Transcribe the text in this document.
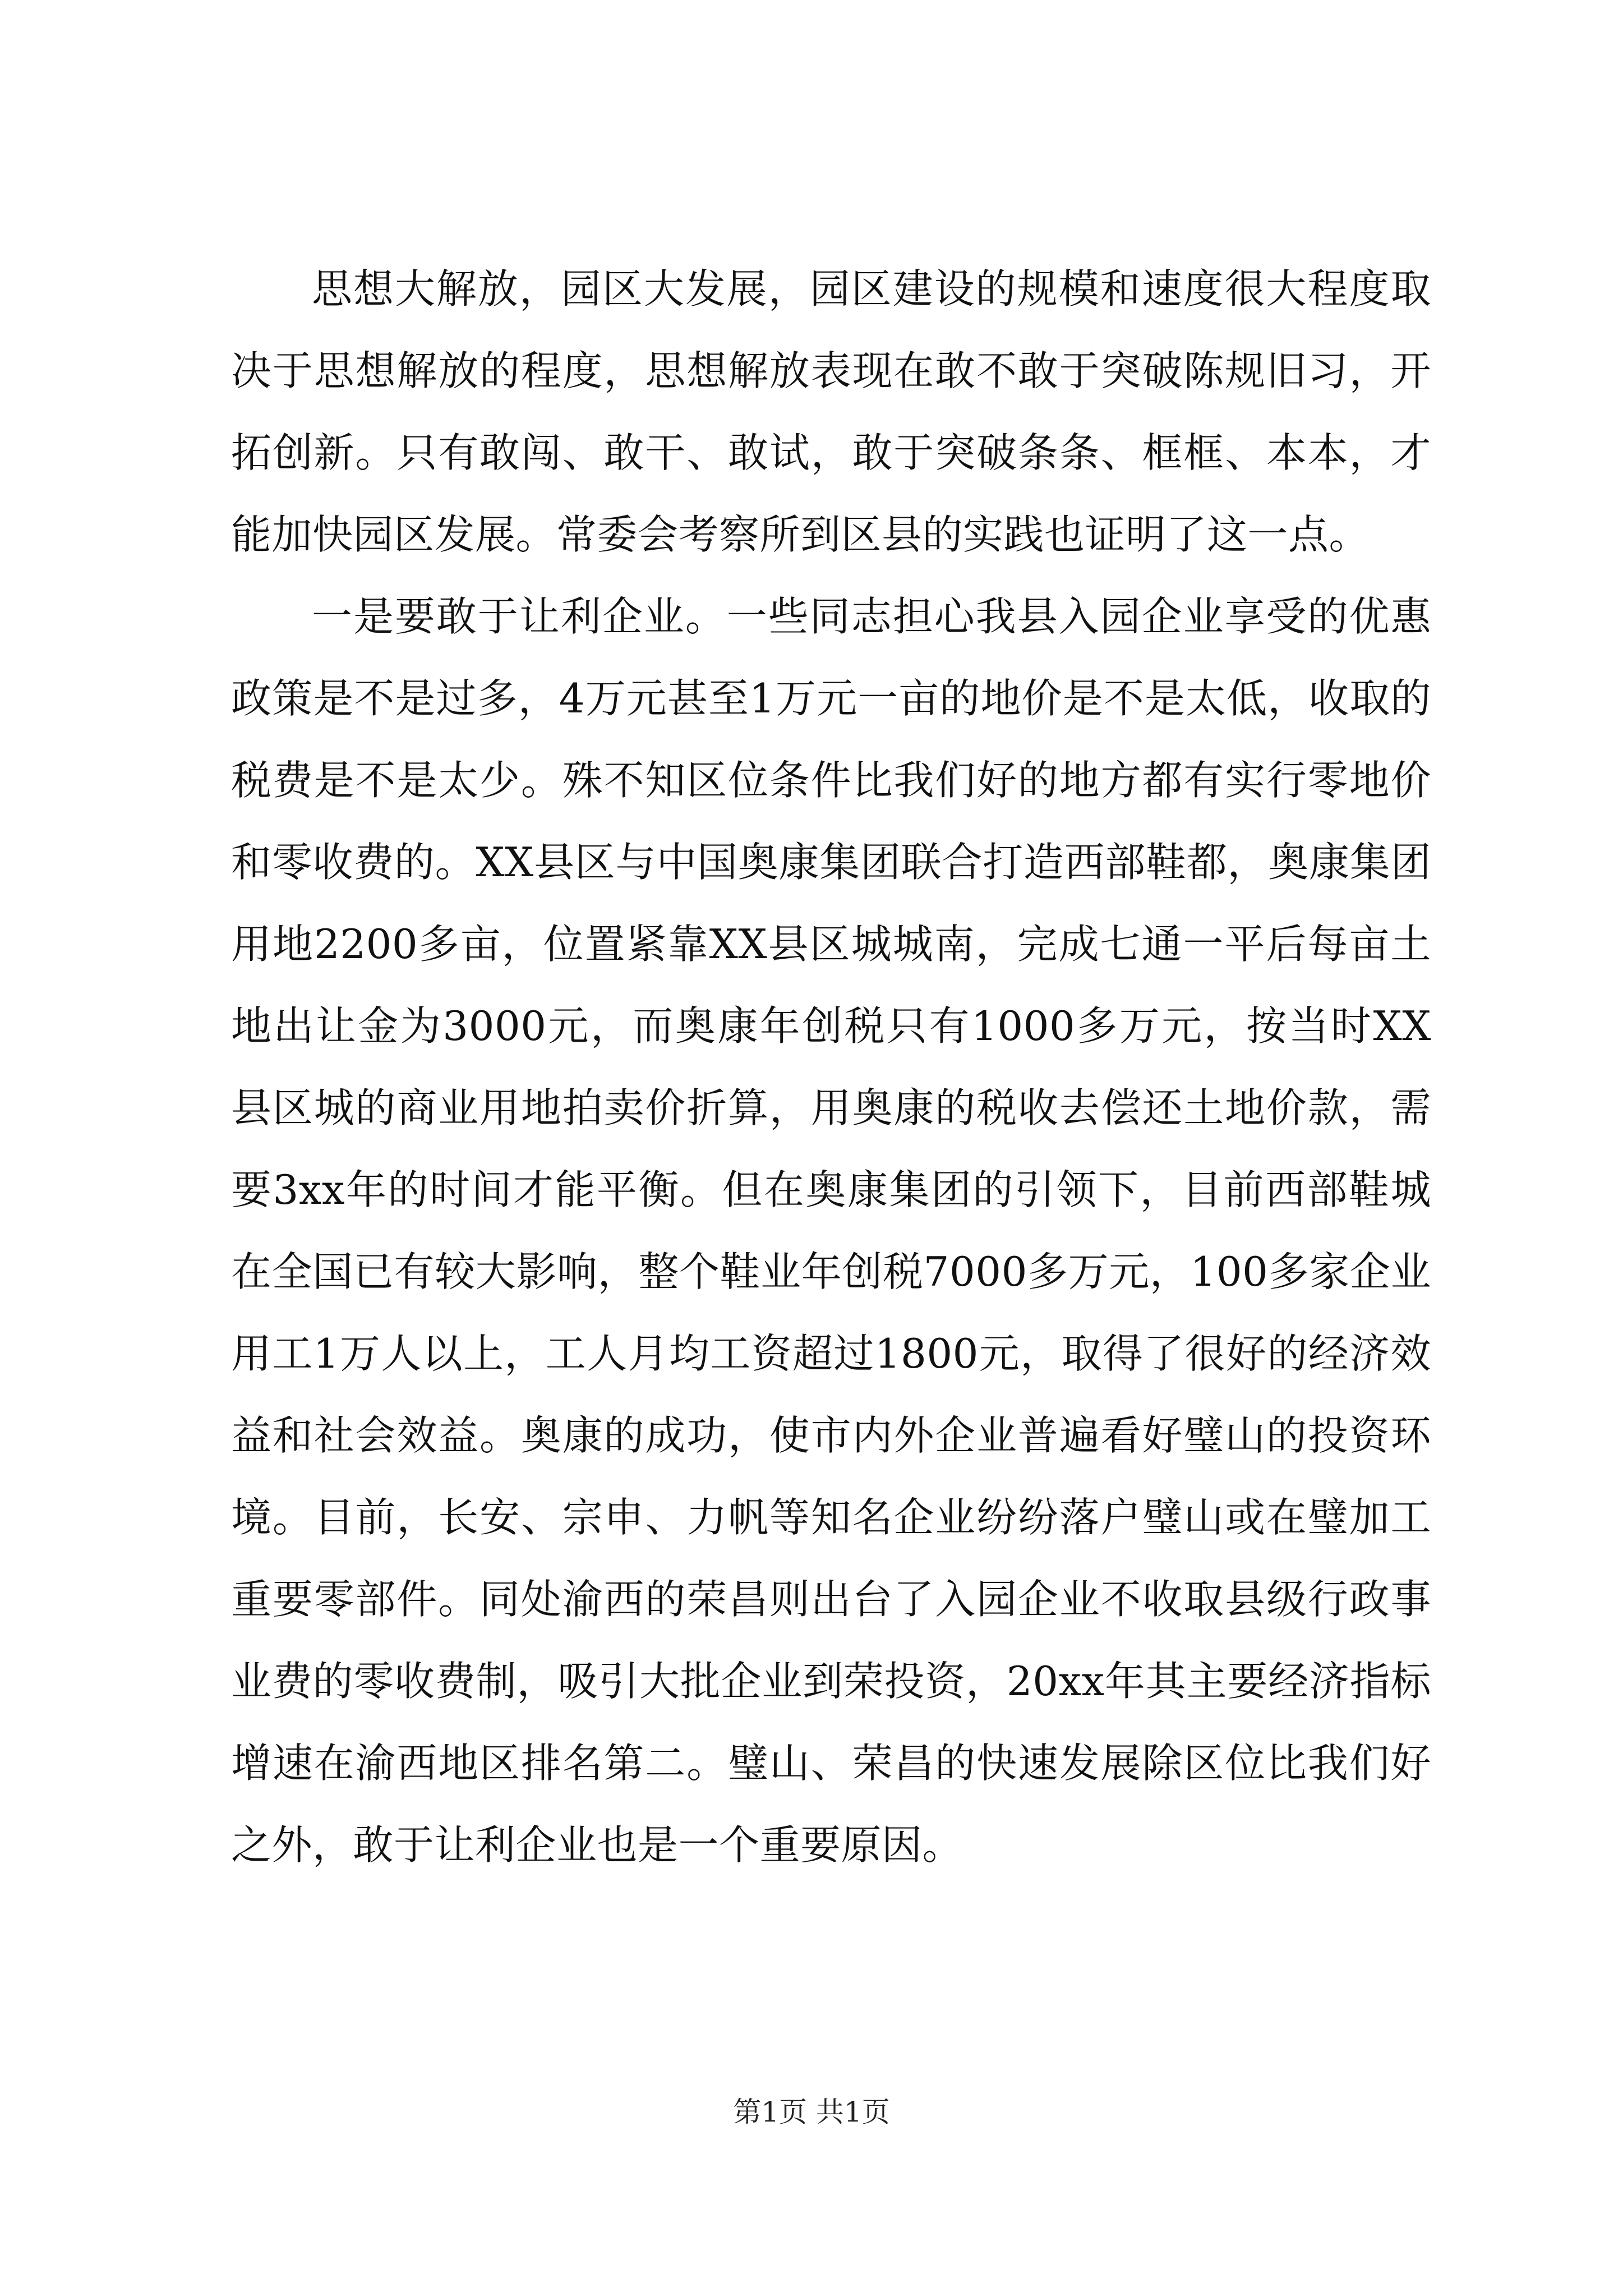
思想大解放，园区大发展，园区建设的规模和速度很大程度取决于思想解放的程度，思想解放表现在敢不敢于突破陈规旧习，开拓创新。只有敢闯、敢干、敢试，敢于突破条条、框框、本本，才能加快园区发展。常委会考察所到区县的实践也证明了这一点。

一是要敢于让利企业。一些同志担心我县入园企业享受的优惠政策是不是过多，4万元甚至1万元一亩的地价是不是太低，收取的税费是不是太少。殊不知区位条件比我们好的地方都有实行零地价和零收费的。XX县区与中国奥康集团联合打造西部鞋都，奥康集团用地2200多亩，位置紧靠XX县区城城南，完成七通一平后每亩土地出让金为3000元，而奥康年创税只有1000多万元，按当时XX县区城的商业用地拍卖价折算，用奥康的税收去偿还土地价款，需要3xx年的时间才能平衡。但在奥康集团的引领下，目前西部鞋城在全国已有较大影响，整个鞋业年创税7000多万元，100多家企业用工1万人以上，工人月均工资超过1800元，取得了很好的经济效益和社会效益。奥康的成功，使市内外企业普遍看好璧山的投资环境。目前，长安、宗申、力帆等知名企业纷纷落户璧山或在璧加工重要零部件。同处渝西的荣昌则出台了入园企业不收取县级行政事业费的零收费制，吸引大批企业到荣投资，20xx年其主要经济指标增速在渝西地区排名第二。璧山、荣昌的快速发展除区位比我们好之外，敢于让利企业也是一个重要原因。

第1页 共1页
